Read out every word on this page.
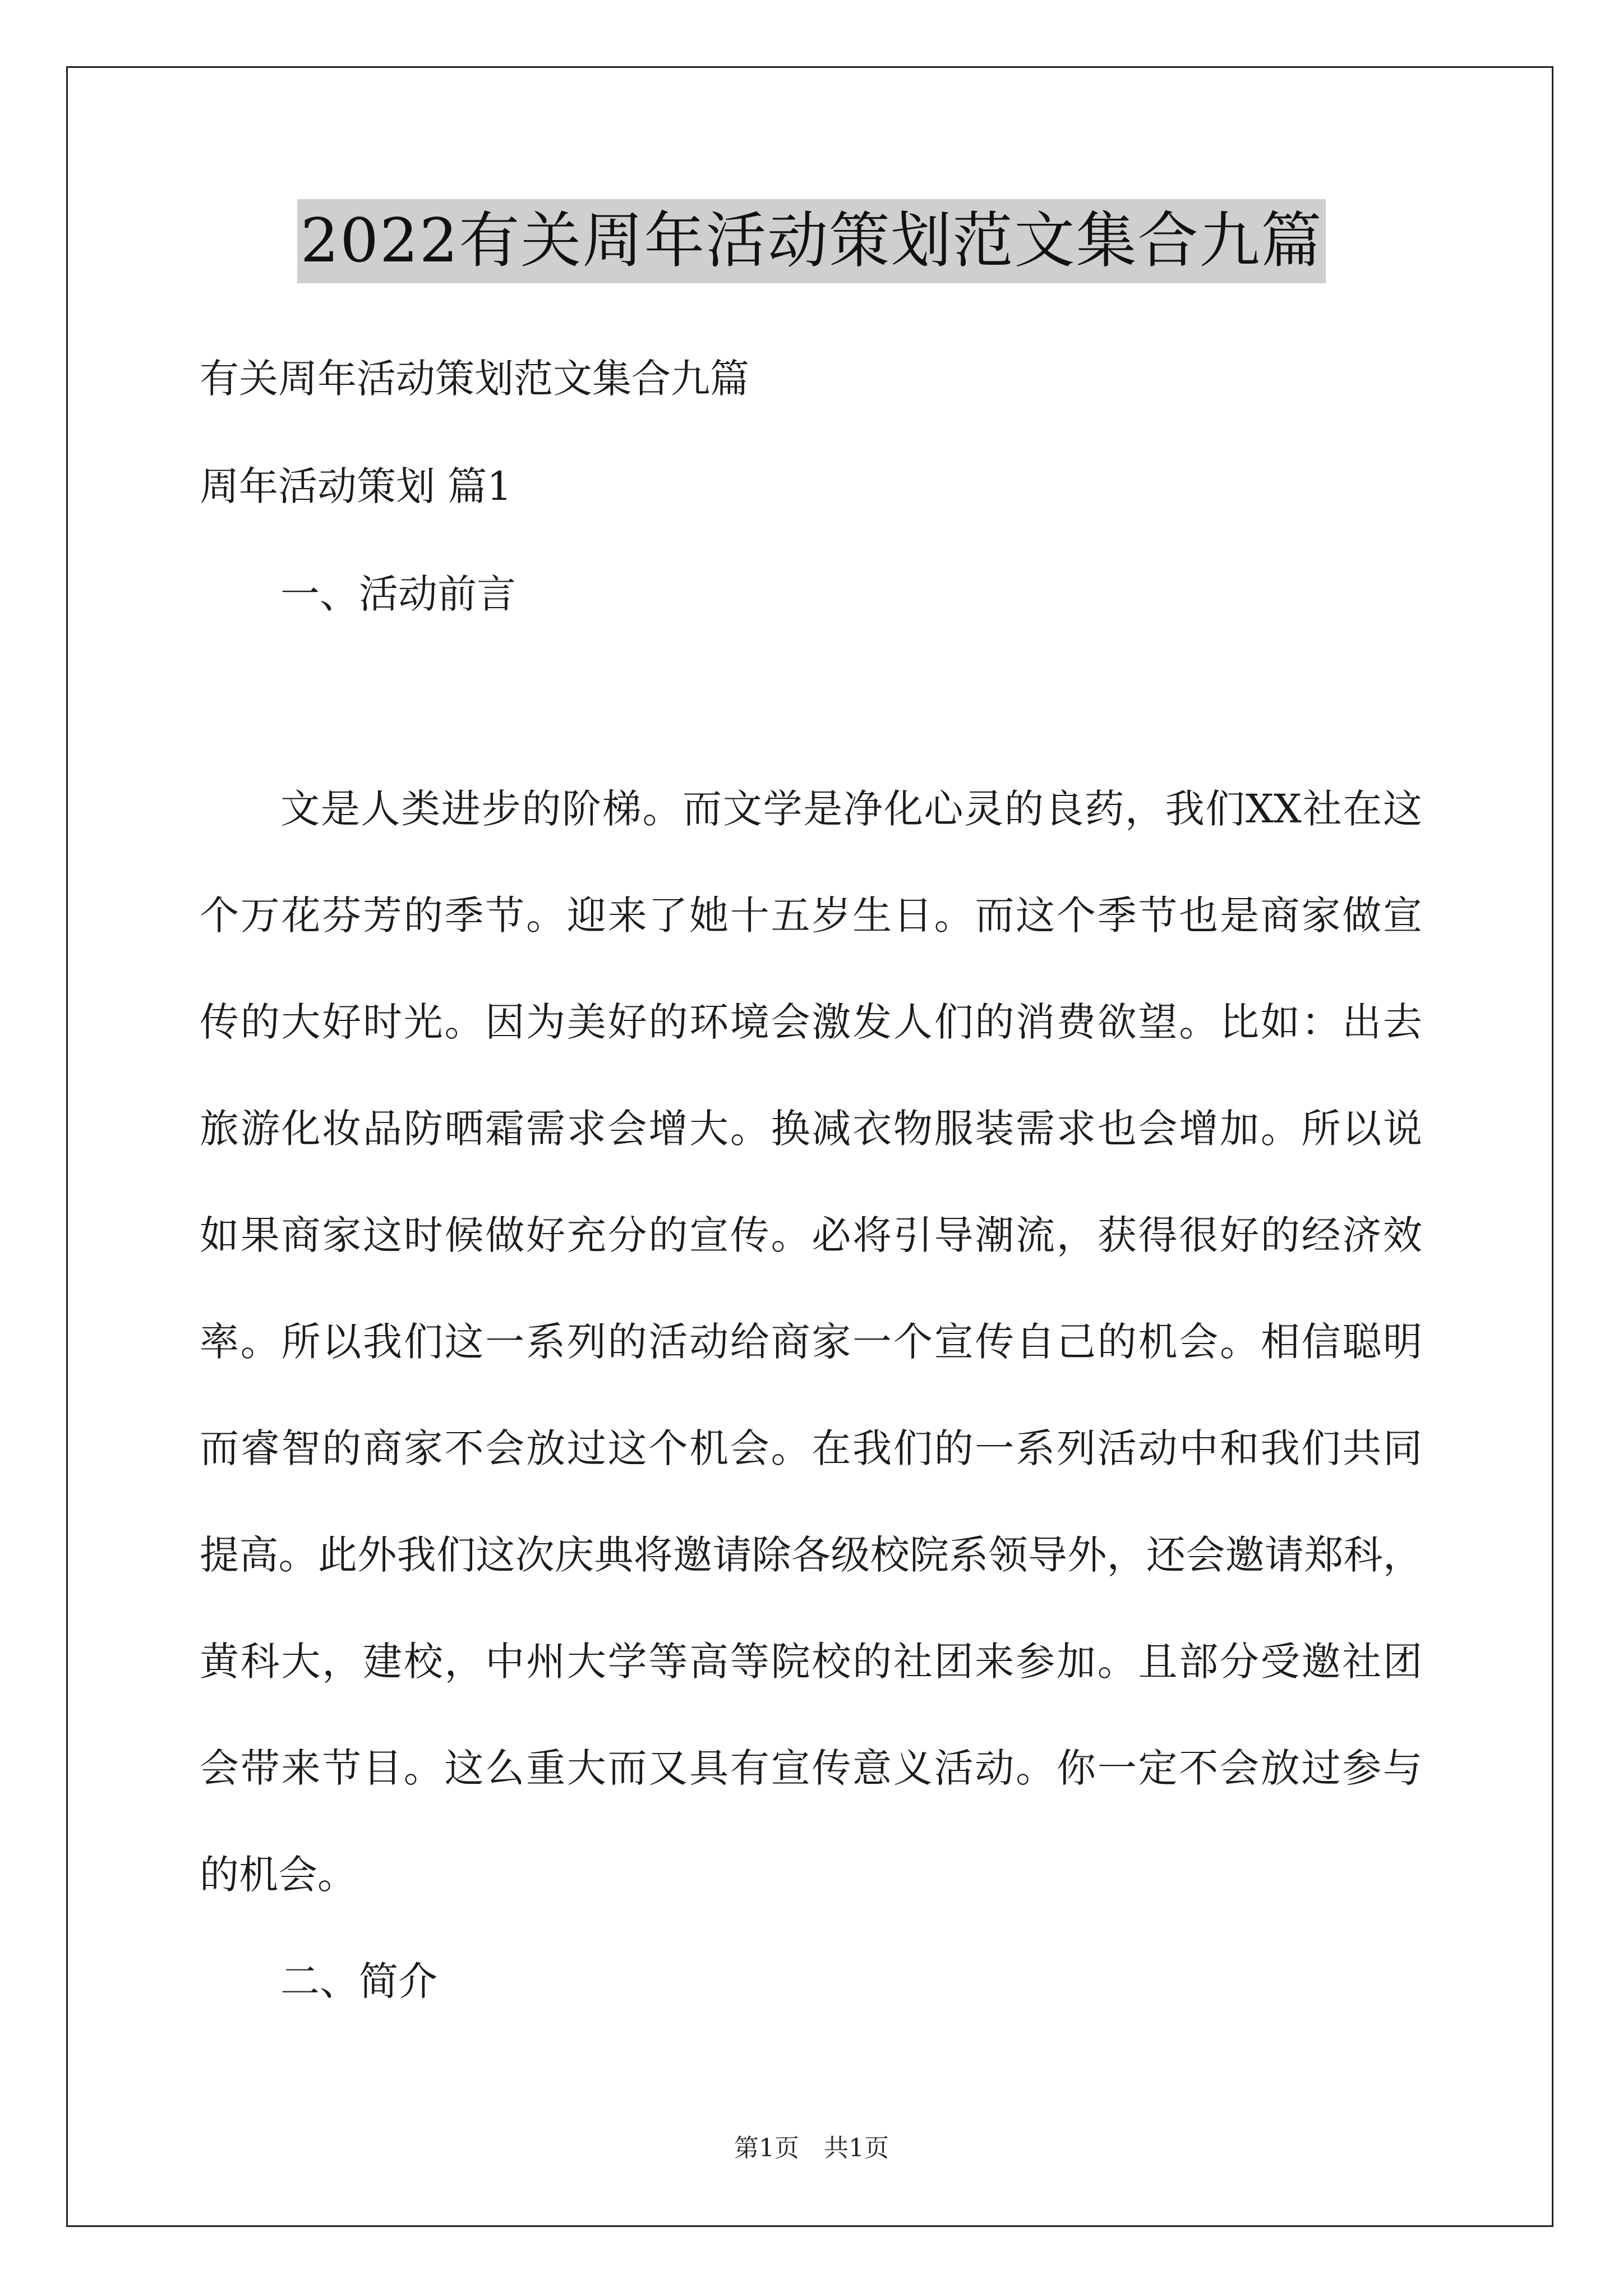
2022有关周年活动策划范文集合九篇
有关周年活动策划范文集合九篇
周年活动策划 篇1
一、活动前言
文是人类进步的阶梯。而文学是净化心灵的良药，我们XX社在这
个万花芬芳的季节。迎来了她十五岁生日。而这个季节也是商家做宣
传的大好时光。因为美好的环境会激发人们的消费欲望。比如：出去
旅游化妆品防晒霜需求会增大。换减衣物服装需求也会增加。所以说
如果商家这时候做好充分的宣传。必将引导潮流，获得很好的经济效
率。所以我们这一系列的活动给商家一个宣传自己的机会。相信聪明
而睿智的商家不会放过这个机会。在我们的一系列活动中和我们共同
提高。此外我们这次庆典将邀请除各级校院系领导外，还会邀请郑科，
黄科大，建校，中州大学等高等院校的社团来参加。且部分受邀社团
会带来节目。这么重大而又具有宣传意义活动。你一定不会放过参与
的机会。
二、简介
第1页　共1页
